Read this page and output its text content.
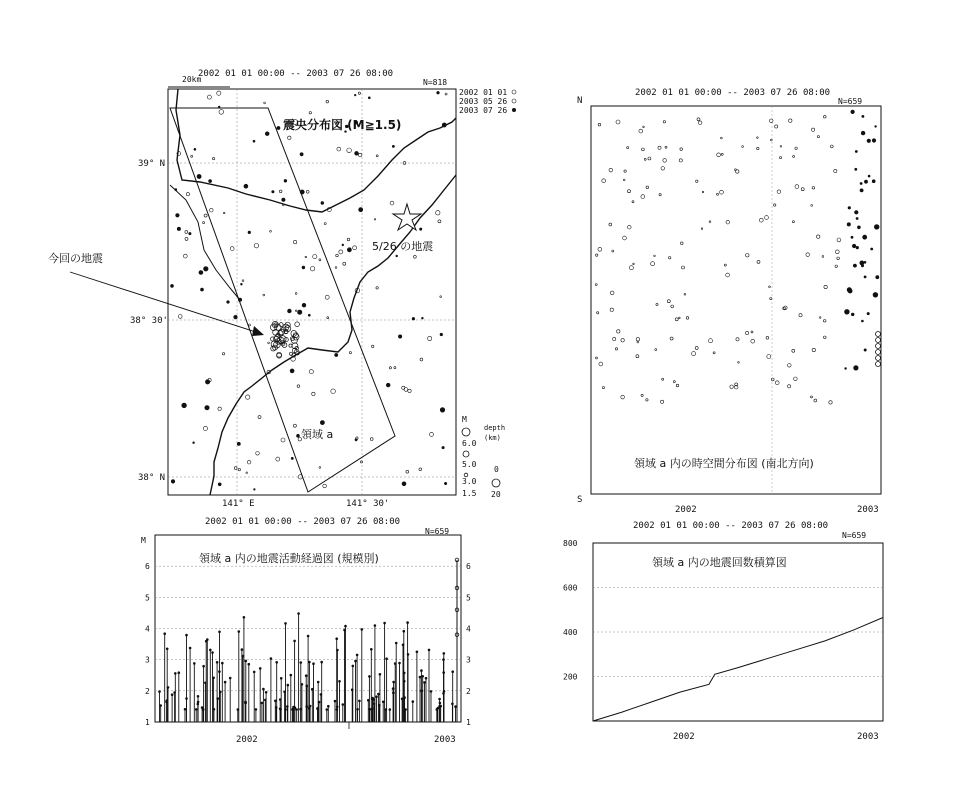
2002 01 01 00:00 -- 2003 07 26 08:00
N=818
20km
震央分布図 (M≧1.5)
5/26 の地震
領域 a
2002 01 01
2003 05 26
2003 07 26
39° N
38° 30'
38° N
141° E	141° 30'
M
6.0
5.0
3.0
1.5
depth
(km)
0
20
今回の地震
2002 01 01 00:00 -- 2003 07 26 08:00
N=659
N
S
領域 a 内の時空間分布図 (南北方向)
2002	2003
2002 01 01 00:00 -- 2003 07 26 08:00
N=659
1	1
2	2
3	3
4	4
5	5
6	6
M
領域 a 内の地震活動経過図 (規模別)
2002	2003
2002 01 01 00:00 -- 2003 07 26 08:00
N=659
200
400
600
800
領域 a 内の地震回数積算図
2002	2003
